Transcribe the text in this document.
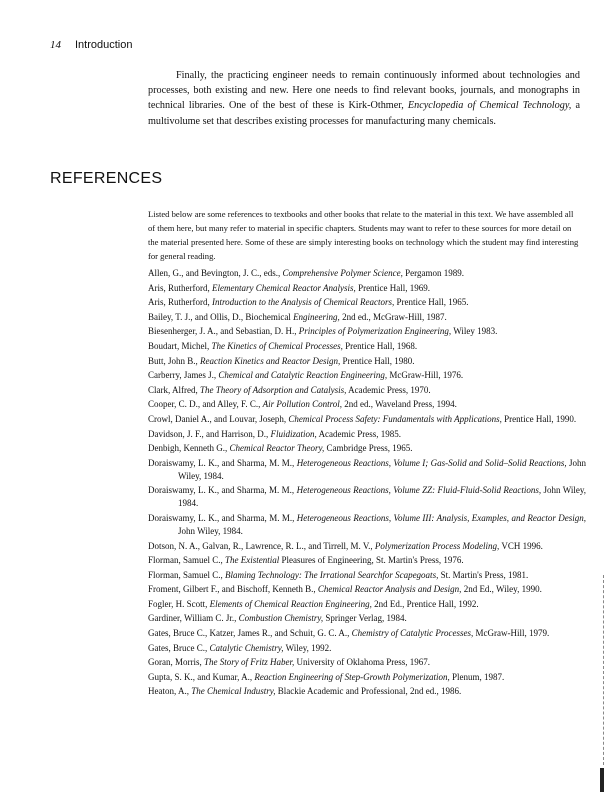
14 Introduction

Finally, the practicing engineer needs to remain continuously informed about technologies and processes, both existing and new. Here one needs to find relevant books, journals, and monographs in technical libraries. One of the best of these is Kirk-Othmer, Encyclopedia of Chemical Technology, a multivolume set that describes existing processes for manufacturing many chemicals.

REFERENCES

Listed below are some references to textbooks and other books that relate to the material in this text. We have assembled all of them here, but many refer to material in specific chapters. Students may want to refer to these sources for more detail on the material presented here. Some of these are simply interesting books on technology which the student may find interesting for general reading.

Allen, G., and Bevington, J. C., eds., Comprehensive Polymer Science, Pergamon 1989.

Aris, Rutherford, Elementary Chemical Reactor Analysis, Prentice Hall, 1969.

Aris, Rutherford, Introduction to the Analysis of Chemical Reactors, Prentice Hall, 1965.

Bailey, T. J., and Ollis, D., Biochemical Engineering, 2nd ed., McGraw-Hill, 1987.

Biesenherger, J. A., and Sebastian, D. H., Principles of Polymerization Engineering, Wiley 1983.

Boudart, Michel, The Kinetics of Chemical Processes, Prentice Hall, 1968.

Butt, John B., Reaction Kinetics and Reactor Design, Prentice Hall, 1980.

Carberry, James J., Chemical and Catalytic Reaction Engineering, McGraw-Hill, 1976.

Clark, Alfred, The Theory of Adsorption and Catalysis, Academic Press, 1970.

Cooper, C. D., and Alley, F. C., Air Pollution Control, 2nd ed., Waveland Press, 1994.

Crowl, Daniel A., and Louvar, Joseph, Chemical Process Safety: Fundamentals with Applications, Prentice Hall, 1990.

Davidson, J. F., and Harrison, D., Fluidization, Academic Press, 1985.

Denbigh, Kenneth G., Chemical Reactor Theory, Cambridge Press, 1965.

Doraiswamy, L. K., and Sharma, M. M., Heterogeneous Reactions, Volume I; Gas-Solid and Solid–Solid Reactions, John Wiley, 1984.

Doraiswamy, L. K., and Sharma, M. M., Heterogeneous Reactions, Volume ZZ: Fluid-Fluid-Solid Reactions, John Wiley, 1984.

Doraiswamy, L. K., and Sharma, M. M., Heterogeneous Reactions, Volume III: Analysis, Examples, and Reactor Design, John Wiley, 1984.

Dotson, N. A., Galvan, R., Lawrence, R. L., and Tirrell, M. V., Polymerization Process Modeling, VCH 1996.

Florman, Samuel C., The Existential Pleasures of Engineering, St. Martin's Press, 1976.

Florman, Samuel C., Blaming Technology: The Irrational Searchfor Scapegoats, St. Martin's Press, 1981.

Froment, Gilbert F., and Bischoff, Kenneth B., Chemical Reactor Analysis and Design, 2nd Ed., Wiley, 1990.

Fogler, H. Scott, Elements of Chemical Reaction Engineering, 2nd Ed., Prentice Hall, 1992.

Gardiner, William C. Jr., Combustion Chemistry, Springer Verlag, 1984.

Gates, Bruce C., Katzer, James R., and Schuit, G. C. A., Chemistry of Catalytic Processes, McGraw-Hill, 1979.

Gates, Bruce C., Catalytic Chemistry, Wiley, 1992.

Goran, Morris, The Story of Fritz Haber, University of Oklahoma Press, 1967.

Gupta, S. K., and Kumar, A., Reaction Engineering of Step-Growth Polymerization, Plenum, 1987.

Heaton, A., The Chemical Industry, Blackie Academic and Professional, 2nd ed., 1986.
